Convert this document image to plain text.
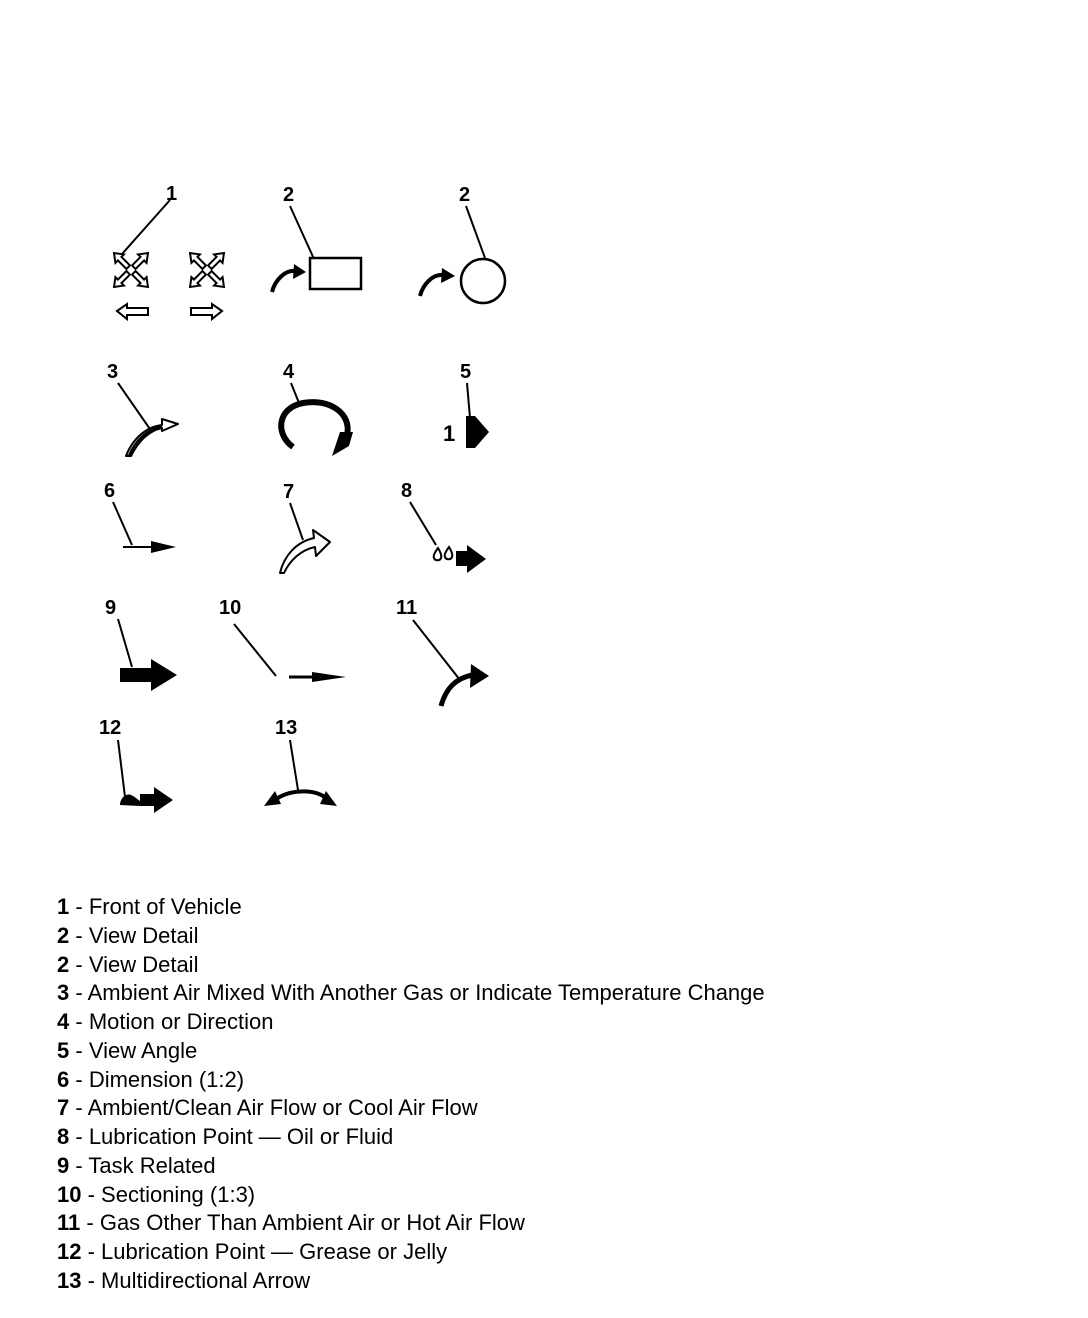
1	2	2
3	4	5
1
6	7	8
9	10	11
12	13
1 - Front of Vehicle
2 - View Detail
2 - View Detail
3 - Ambient Air Mixed With Another Gas or Indicate Temperature Change
4 - Motion or Direction
5 - View Angle
6 - Dimension (1:2)
7 - Ambient/Clean Air Flow or Cool Air Flow
8 - Lubrication Point — Oil or Fluid
9 - Task Related
10 - Sectioning (1:3)
11 - Gas Other Than Ambient Air or Hot Air Flow
12 - Lubrication Point — Grease or Jelly
13 - Multidirectional Arrow
